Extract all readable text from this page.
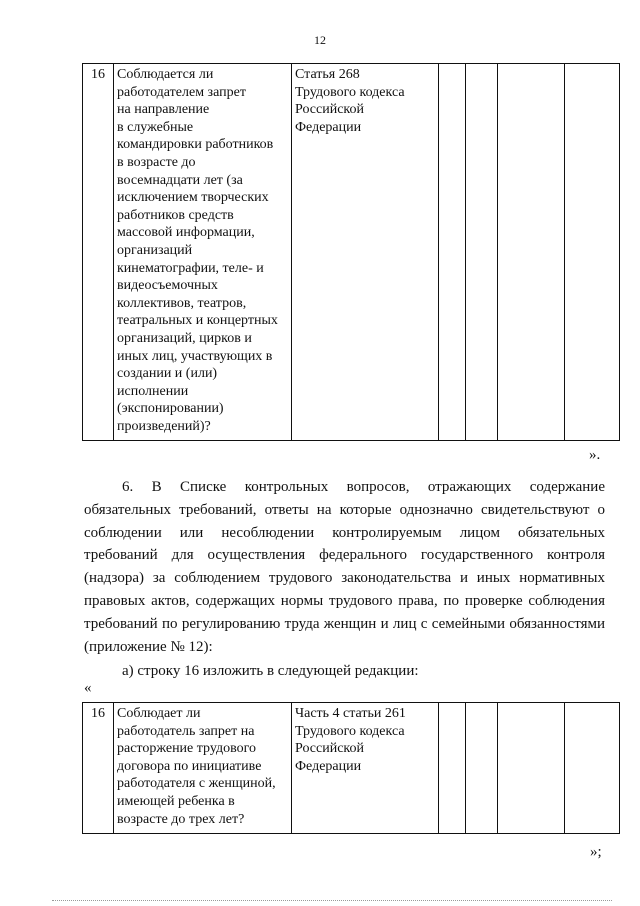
12
16	Соблюдается ли
работодателем запрет
на направление
в служебные
командировки работников
в возрасте до
восемнадцати лет (за
исключением творческих
работников средств
массовой информации,
организаций
кинематографии, теле- и
видеосъемочных
коллективов, театров,
театральных и концертных
организаций, цирков и
иных лиц, участвующих в
создании и (или)
исполнении
(экспонировании)
произведений)?	Статья 268
Трудового кодекса
Российской
Федерации				
».

6. В Списке контрольных вопросов, отражающих содержание обязательных требований, ответы на которые однозначно свидетельствуют о соблюдении или несоблюдении контролируемым лицом обязательных требований для осуществления федерального государственного контроля (надзора) за соблюдением трудового законодательства и иных нормативных правовых актов, содержащих нормы трудового права, по проверке соблюдения требований по регулированию труда женщин и лиц с семейными обязанностями (приложение № 12):

а) строку 16 изложить в следующей редакции:

«
16	Соблюдает ли
работодатель запрет на
расторжение трудового
договора по инициативе
работодателя с женщиной,
имеющей ребенка в
возрасте до трех лет?	Часть 4 статьи 261
Трудового кодекса
Российской
Федерации				
»;
